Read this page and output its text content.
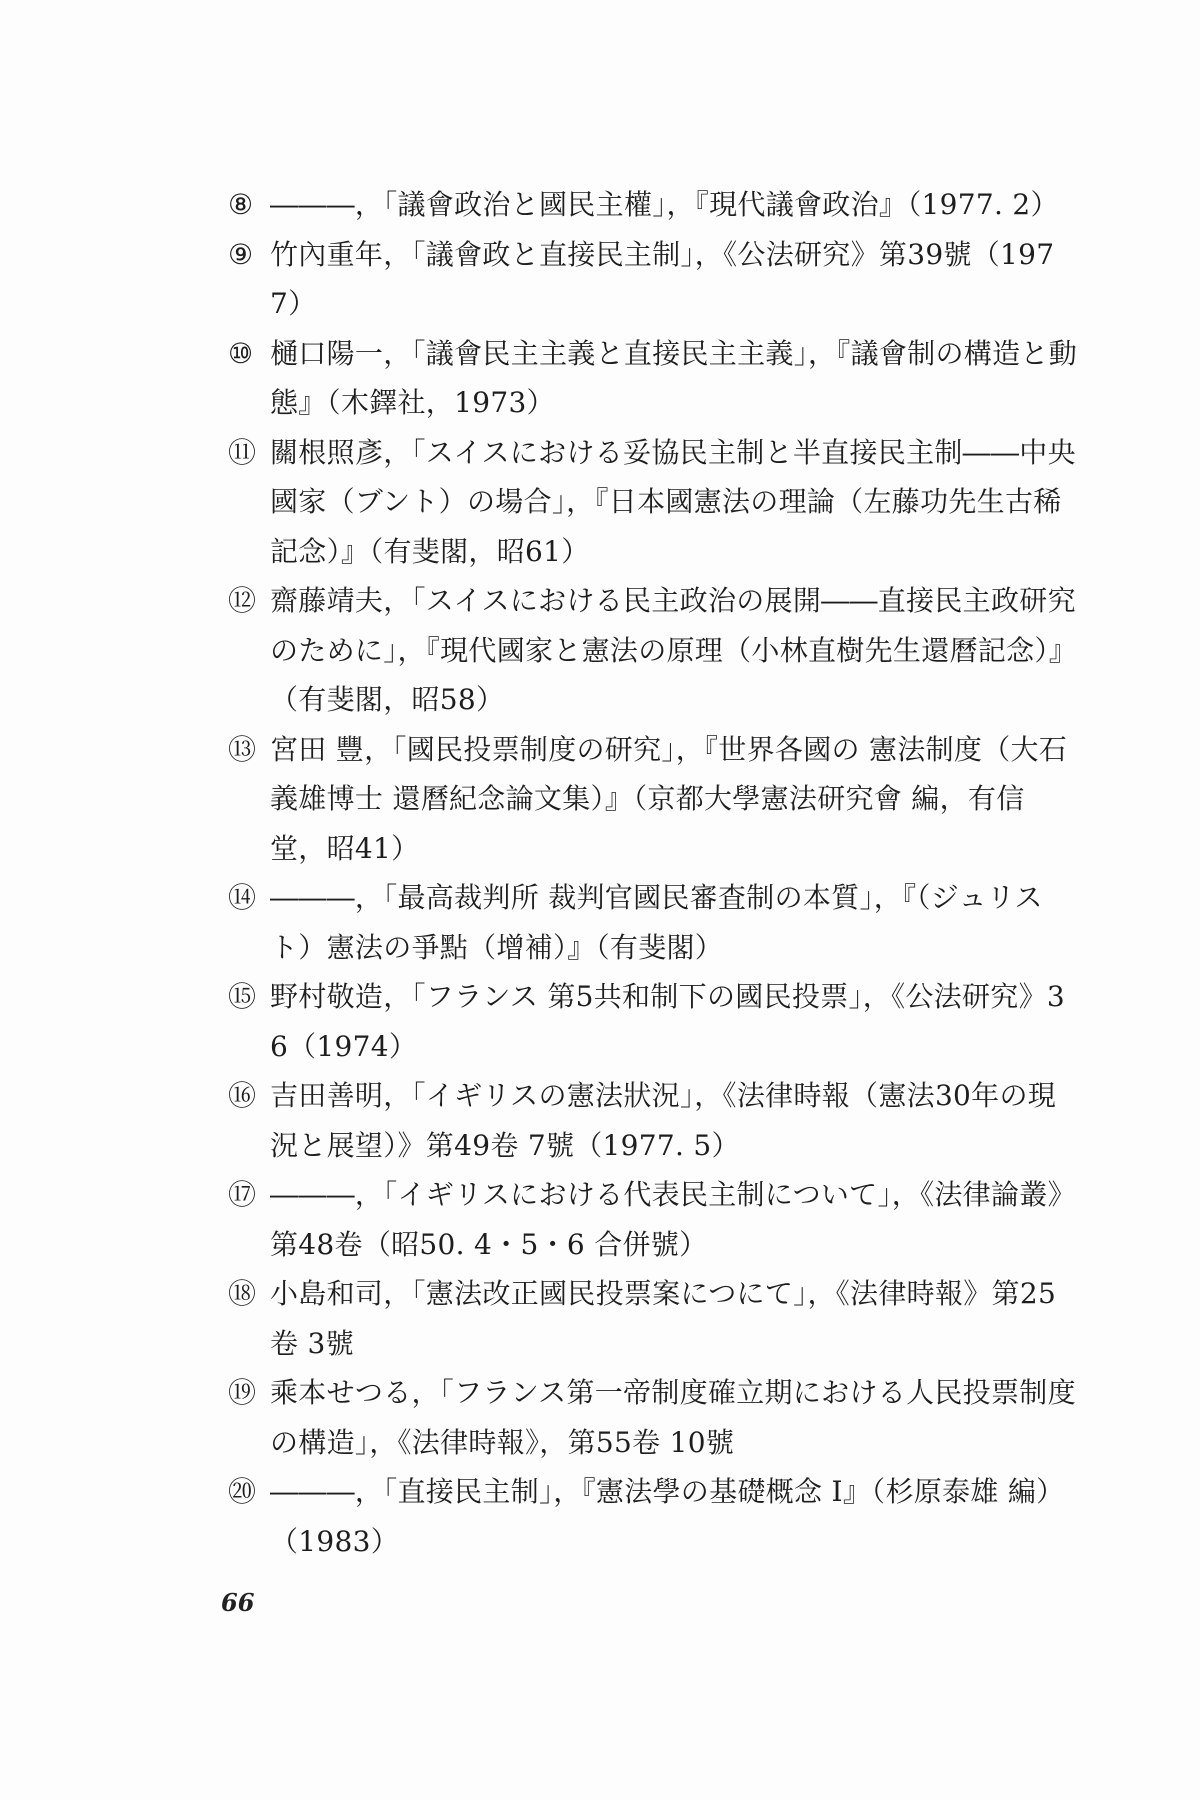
⑧ ―――，「議會政治と國民主權」，『現代議會政治』（1977. 2）
⑨ 竹內重年，「議會政と直接民主制」，《公法研究》第39號（1977）
⑩ 樋口陽一，「議會民主主義と直接民主主義」，『議會制の構造と動態』（木鐸社，1973）
⑪ 關根照彥，「スイスにおける妥協民主制と半直接民主制――中央國家（ブント）の場合」，『日本國憲法の理論（左藤功先生古稀記念）』（有斐閣，昭61）
⑫ 齋藤靖夫，「スイスにおける民主政治の展開――直接民主政研究のために」，『現代國家と憲法の原理（小林直樹先生還曆記念）』（有斐閣，昭58）
⑬ 宮田 豐，「國民投票制度の研究」，『世界各國の 憲法制度（大石義雄博士 還曆紀念論文集）』（京都大學憲法研究會 編，有信堂，昭41）
⑭ ―――，「最高裁判所 裁判官國民審査制の本質」，『（ジュリスト）憲法の爭點（增補）』（有斐閣）
⑮ 野村敬造，「フランス 第5共和制下の國民投票」，《公法研究》36（1974）
⑯ 吉田善明，「イギリスの憲法狀況」，《法律時報（憲法30年の現況と展望）》第49卷 7號（1977. 5）
⑰ ―――，「イギリスにおける代表民主制について」，《法律論叢》第48卷（昭50. 4・5・6 合併號）
⑱ 小島和司，「憲法改正國民投票案につにて」，《法律時報》第25卷 3號
⑲ 乘本せつる，「フランス第一帝制度確立期における人民投票制度の構造」，《法律時報》，第55卷 10號
⑳ ―――，「直接民主制」，『憲法學の基礎概念 I』（杉原泰雄 編）（1983）
66
